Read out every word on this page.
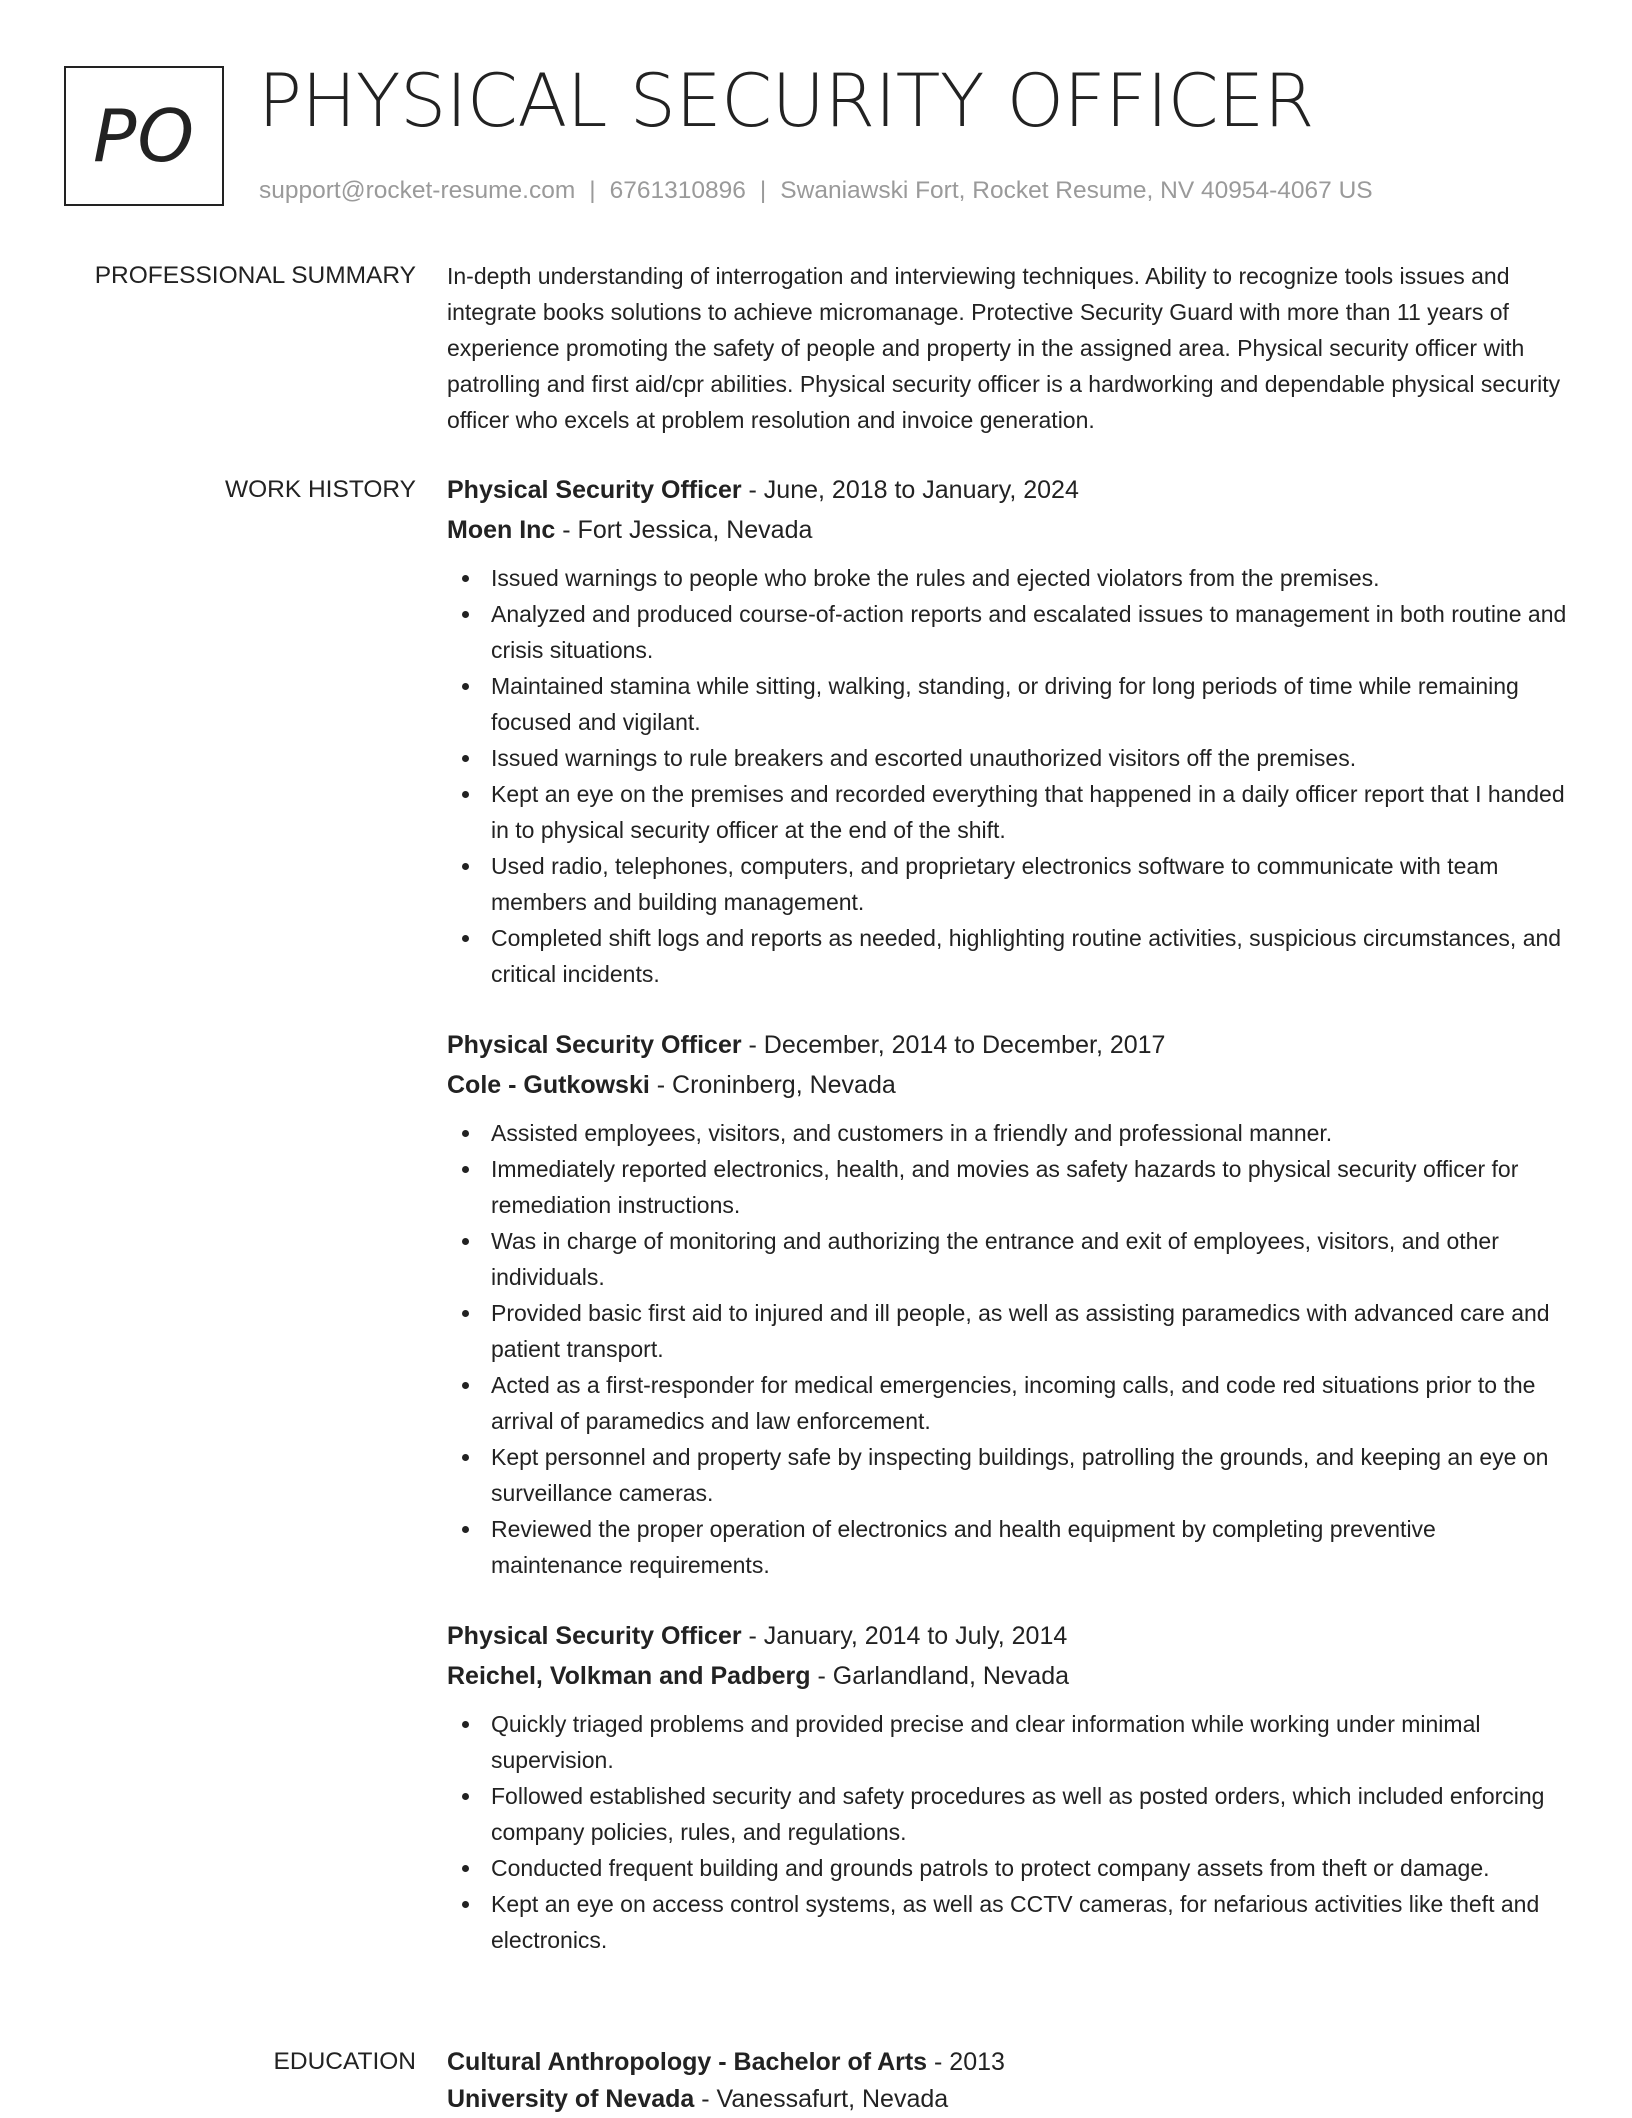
PO PHYSICAL SECURITY OFFICER
support@rocket-resume.com | 6761310896 | Swaniawski Fort, Rocket Resume, NV 40954-4067 US
PROFESSIONAL SUMMARY In-depth understanding of interrogation and interviewing techniques. Ability to recognize tools issues and integrate books solutions to achieve micromanage. Protective Security Guard with more than 11 years of experience promoting the safety of people and property in the assigned area. Physical security officer with patrolling and first aid/cpr abilities. Physical security officer is a hardworking and dependable physical security officer who excels at problem resolution and invoice generation.

WORK HISTORY Physical Security Officer - June, 2018 to January, 2024
Moen Inc - Fort Jessica, Nevada
Issued warnings to people who broke the rules and ejected violators from the premises.
Analyzed and produced course-of-action reports and escalated issues to management in both routine and crisis situations.
Maintained stamina while sitting, walking, standing, or driving for long periods of time while remaining focused and vigilant.
Issued warnings to rule breakers and escorted unauthorized visitors off the premises.
Kept an eye on the premises and recorded everything that happened in a daily officer report that I handed in to physical security officer at the end of the shift.
Used radio, telephones, computers, and proprietary electronics software to communicate with team members and building management.
Completed shift logs and reports as needed, highlighting routine activities, suspicious circumstances, and critical incidents.
Physical Security Officer - December, 2014 to December, 2017
Cole - Gutkowski - Croninberg, Nevada
Assisted employees, visitors, and customers in a friendly and professional manner.
Immediately reported electronics, health, and movies as safety hazards to physical security officer for remediation instructions.
Was in charge of monitoring and authorizing the entrance and exit of employees, visitors, and other individuals.
Provided basic first aid to injured and ill people, as well as assisting paramedics with advanced care and patient transport.
Acted as a first-responder for medical emergencies, incoming calls, and code red situations prior to the arrival of paramedics and law enforcement.
Kept personnel and property safe by inspecting buildings, patrolling the grounds, and keeping an eye on surveillance cameras.
Reviewed the proper operation of electronics and health equipment by completing preventive maintenance requirements.
Physical Security Officer - January, 2014 to July, 2014
Reichel, Volkman and Padberg - Garlandland, Nevada
Quickly triaged problems and provided precise and clear information while working under minimal supervision.
Followed established security and safety procedures as well as posted orders, which included enforcing company policies, rules, and regulations.
Conducted frequent building and grounds patrols to protect company assets from theft or damage.
Kept an eye on access control systems, as well as CCTV cameras, for nefarious activities like theft and electronics.
EDUCATION Cultural Anthropology - Bachelor of Arts - 2013
University of Nevada - Vanessafurt, Nevada
